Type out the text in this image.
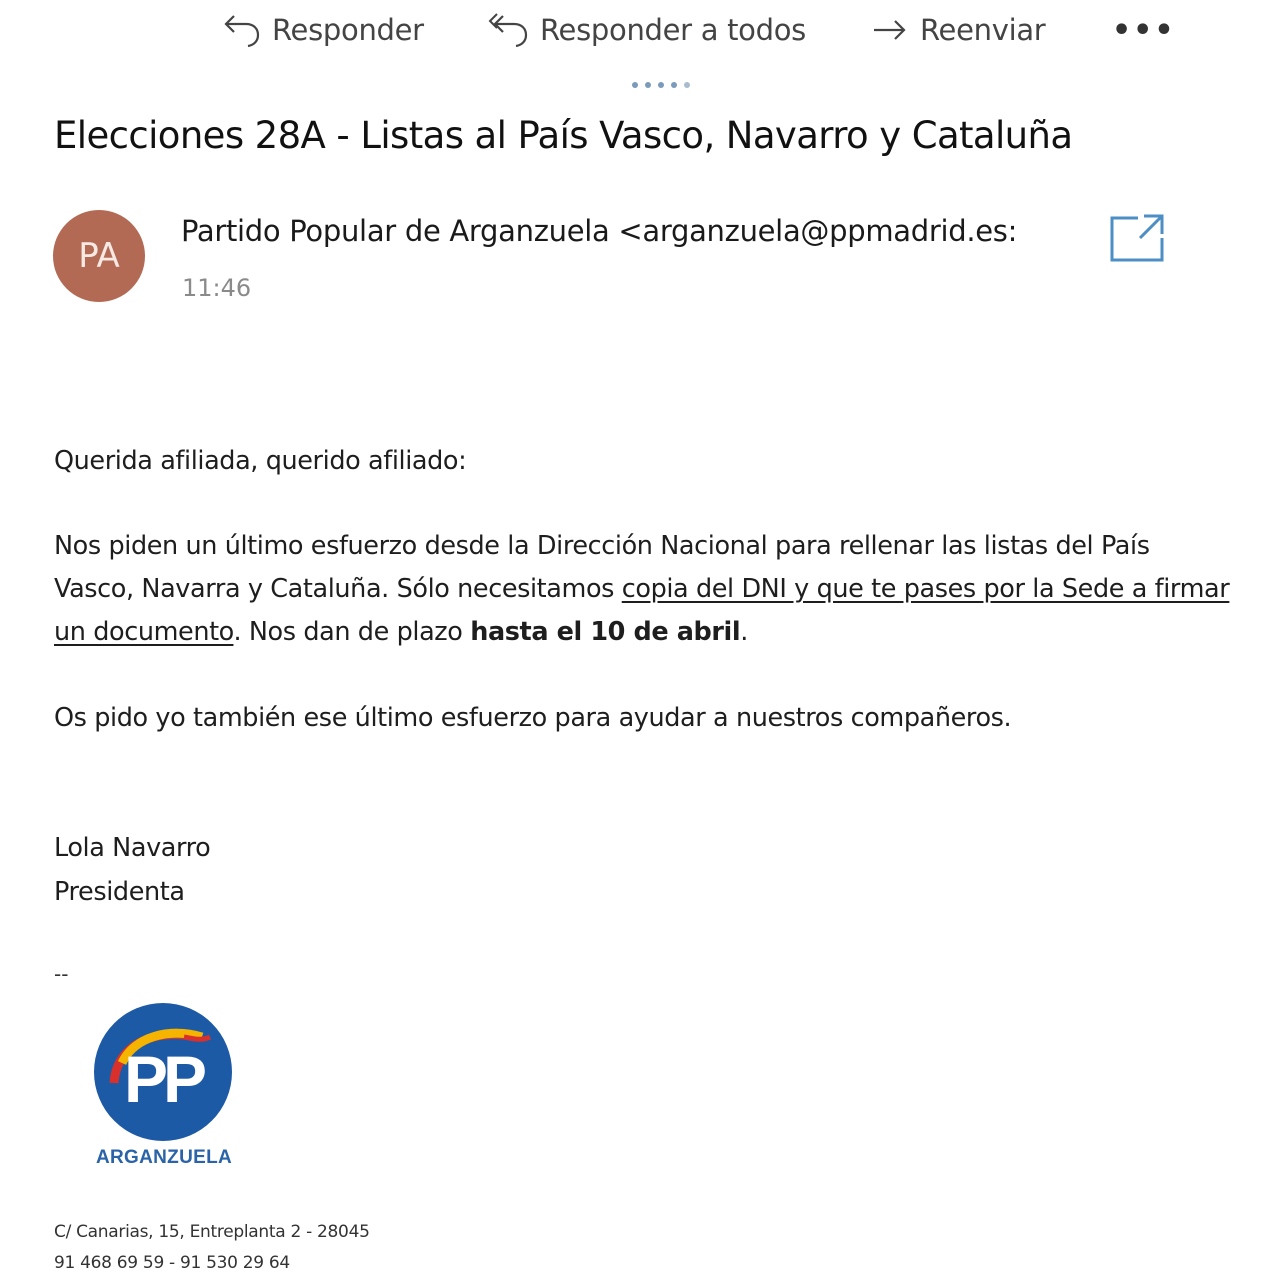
Responder	Responder a todos	Reenviar •••
Elecciones 28A - Listas al País Vasco, Navarro y Cataluña
PA
Partido Popular de Arganzuela <arganzuela@ppmadrid.es:
11:46
Querida afiliada, querido afiliado:
Nos piden un último esfuerzo desde la Dirección Nacional para rellenar las listas del País Vasco, Navarra y Cataluña. Sólo necesitamos copia del DNI y que te pases por la Sede a firmar un documento. Nos dan de plazo hasta el 10 de abril.
Os pido yo también ese último esfuerzo para ayudar a nuestros compañeros.
Lola Navarro
Presidenta
--
PP
ARGANZUELA
C/ Canarias, 15, Entreplanta 2 - 28045
91 468 69 59 - 91 530 29 64
